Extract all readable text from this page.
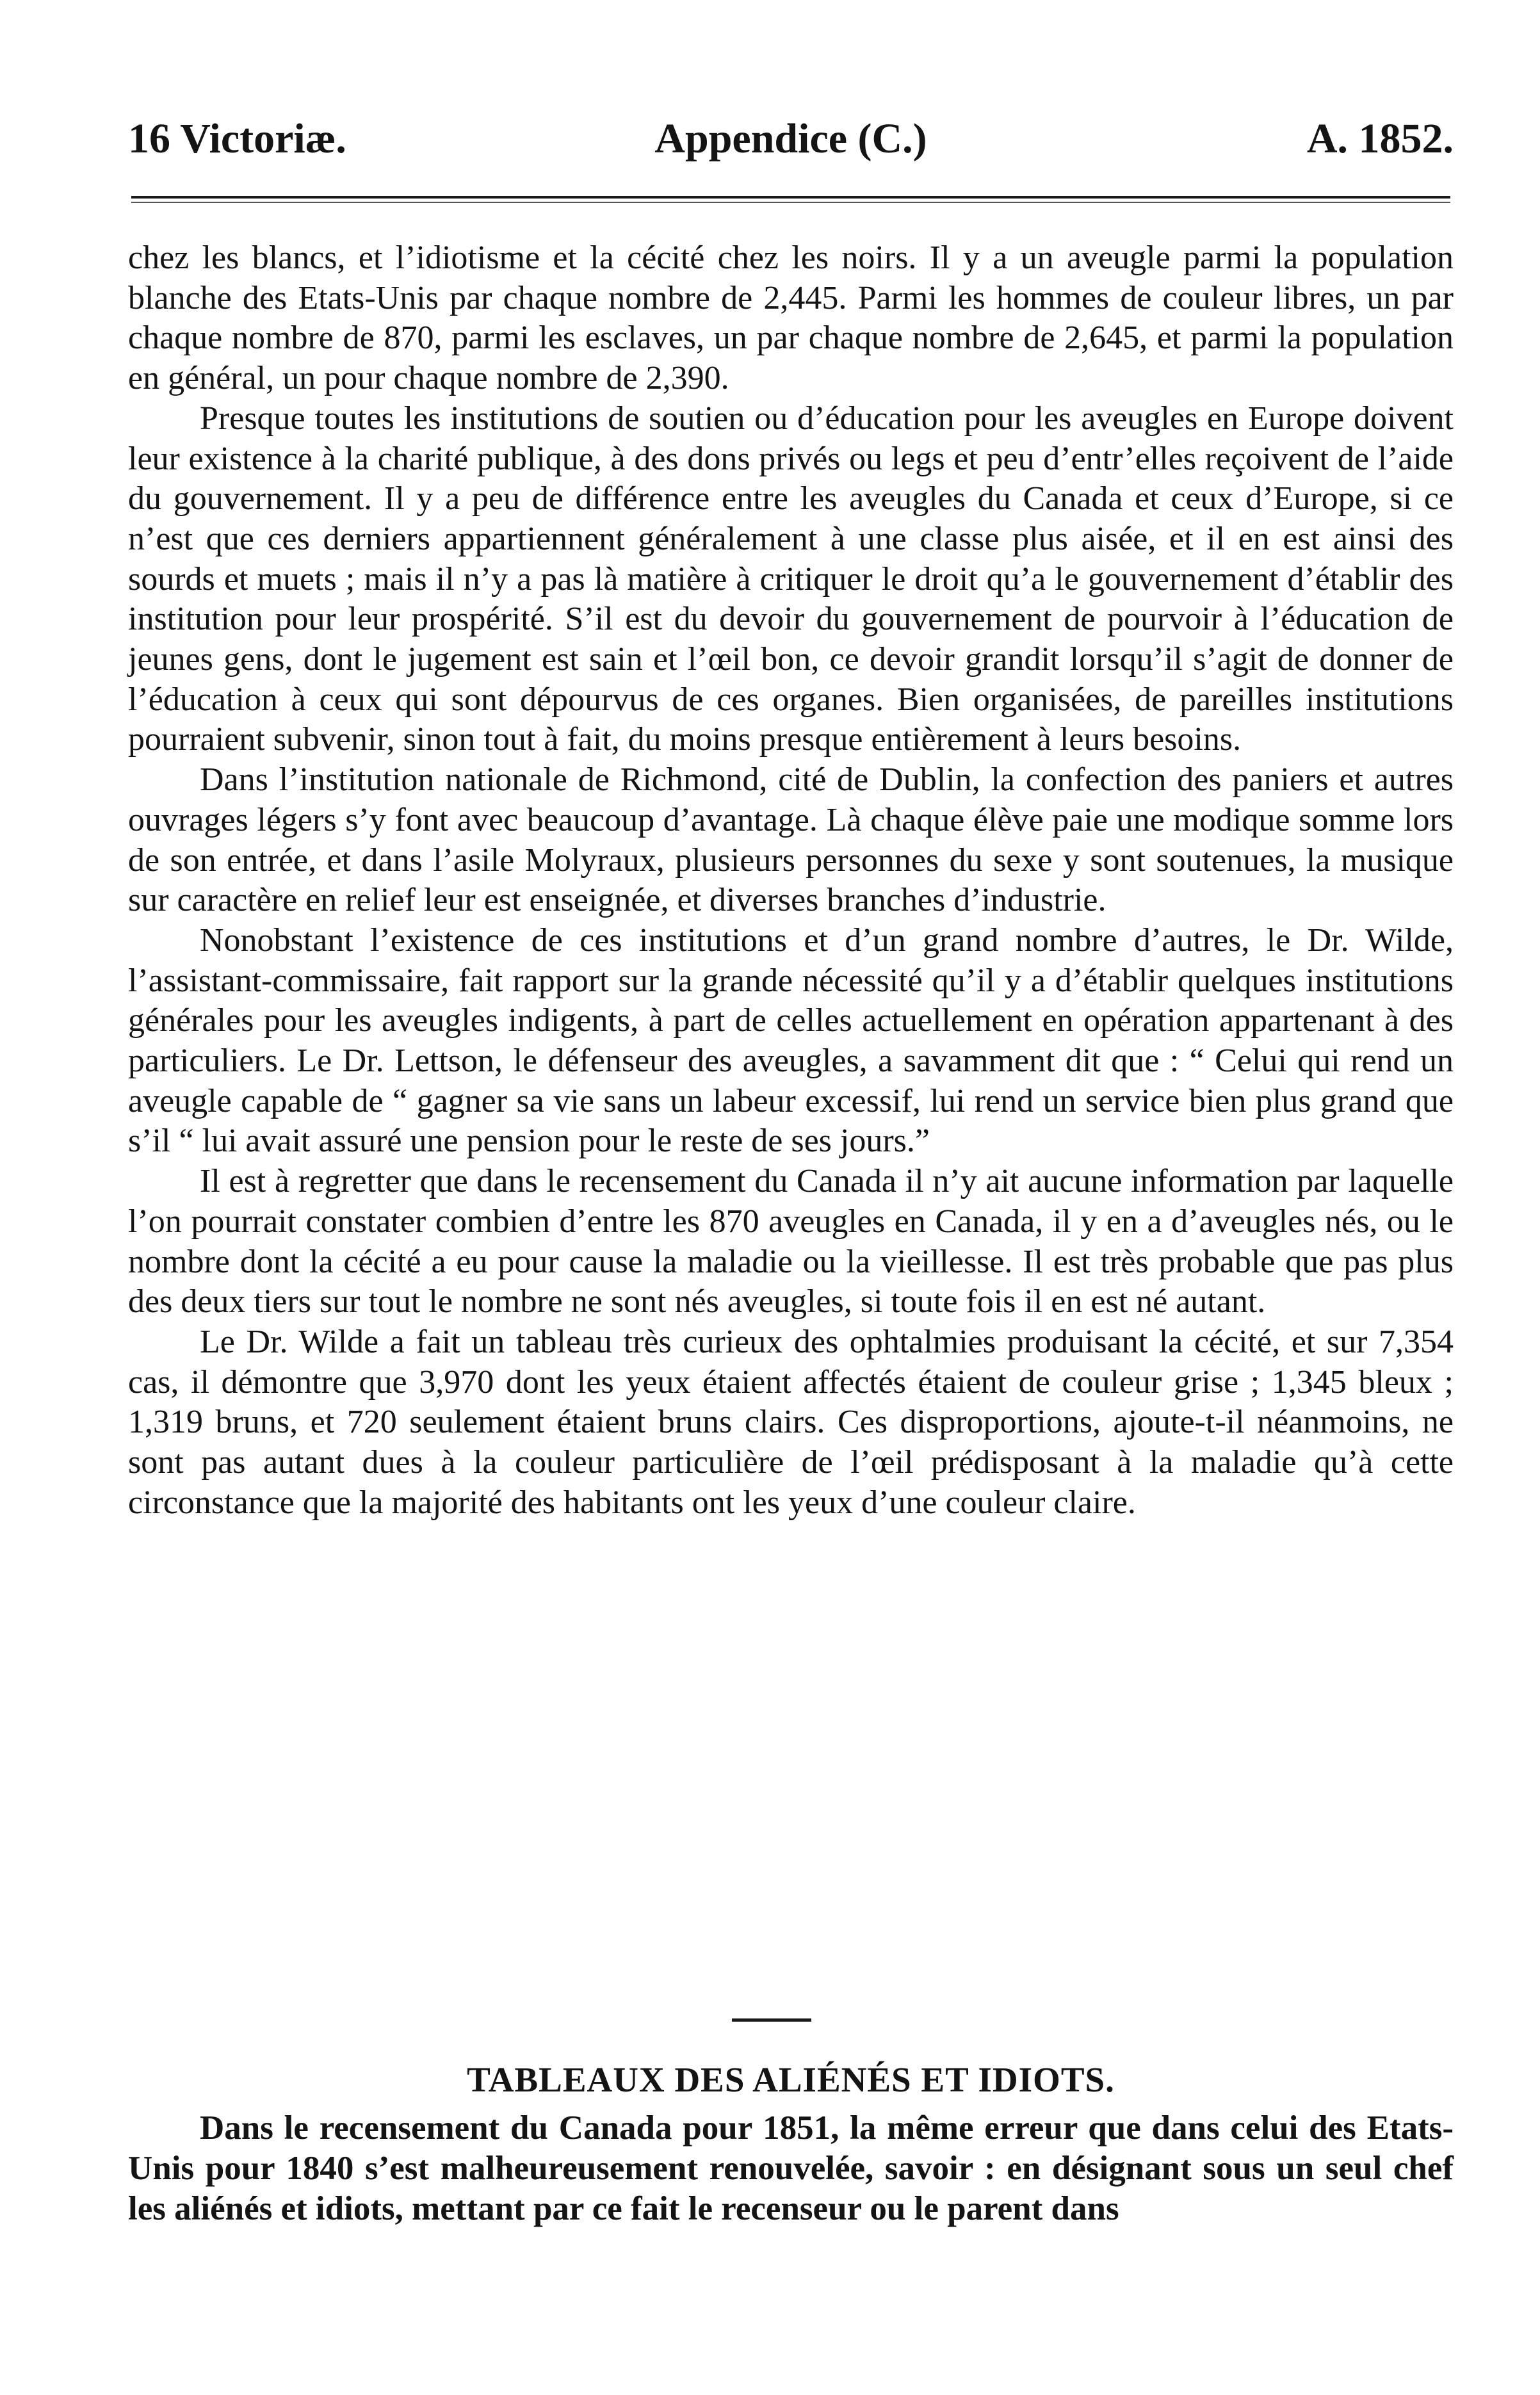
16 Victoriæ.	Appendice (C.)	A. 1852.

chez les blancs, et l’idiotisme et la cécité chez les noirs. Il y a un aveugle parmi la population blanche des Etats-Unis par chaque nombre de 2,445. Parmi les hommes de couleur libres, un par chaque nombre de 870, parmi les esclaves, un par chaque nombre de 2,645, et parmi la population en général, un pour chaque nombre de 2,390.

Presque toutes les institutions de soutien ou d’éducation pour les aveugles en Europe doivent leur existence à la charité publique, à des dons privés ou legs et peu d’entr’elles reçoivent de l’aide du gouvernement. Il y a peu de différence entre les aveugles du Canada et ceux d’Europe, si ce n’est que ces derniers appartiennent généralement à une classe plus aisée, et il en est ainsi des sourds et muets ; mais il n’y a pas là matière à critiquer le droit qu’a le gouvernement d’établir des institution pour leur prospérité. S’il est du devoir du gouvernement de pourvoir à l’éducation de jeunes gens, dont le jugement est sain et l’œil bon, ce devoir grandit lorsqu’il s’agit de donner de l’éducation à ceux qui sont dépourvus de ces organes. Bien organisées, de pareilles institutions pourraient subvenir, sinon tout à fait, du moins presque entièrement à leurs besoins.

Dans l’institution nationale de Richmond, cité de Dublin, la confection des paniers et autres ouvrages légers s’y font avec beaucoup d’avantage. Là chaque élève paie une modique somme lors de son entrée, et dans l’asile Molyraux, plusieurs personnes du sexe y sont soutenues, la musique sur caractère en relief leur est enseignée, et diverses branches d’industrie.

Nonobstant l’existence de ces institutions et d’un grand nombre d’autres, le Dr. Wilde, l’assistant-commissaire, fait rapport sur la grande nécessité qu’il y a d’établir quelques institutions générales pour les aveugles indigents, à part de celles actuellement en opération appartenant à des particuliers. Le Dr. Lettson, le défenseur des aveugles, a savamment dit que : “ Celui qui rend un aveugle capable de “ gagner sa vie sans un labeur excessif, lui rend un service bien plus grand que s’il “ lui avait assuré une pension pour le reste de ses jours.”

Il est à regretter que dans le recensement du Canada il n’y ait aucune information par laquelle l’on pourrait constater combien d’entre les 870 aveugles en Canada, il y en a d’aveugles nés, ou le nombre dont la cécité a eu pour cause la maladie ou la vieillesse. Il est très probable que pas plus des deux tiers sur tout le nombre ne sont nés aveugles, si toute fois il en est né autant.

Le Dr. Wilde a fait un tableau très curieux des ophtalmies produisant la cécité, et sur 7,354 cas, il démontre que 3,970 dont les yeux étaient affectés étaient de couleur grise ; 1,345 bleux ; 1,319 bruns, et 720 seulement étaient bruns clairs. Ces disproportions, ajoute-t-il néanmoins, ne sont pas autant dues à la couleur particulière de l’œil prédisposant à la maladie qu’à cette circonstance que la majorité des habitants ont les yeux d’une couleur claire.

TABLEAUX DES ALIÉNÉS ET IDIOTS.

Dans le recensement du Canada pour 1851, la même erreur que dans celui des Etats-Unis pour 1840 s’est malheureusement renouvelée, savoir : en désignant sous un seul chef les aliénés et idiots, mettant par ce fait le recenseur ou le parent dans
